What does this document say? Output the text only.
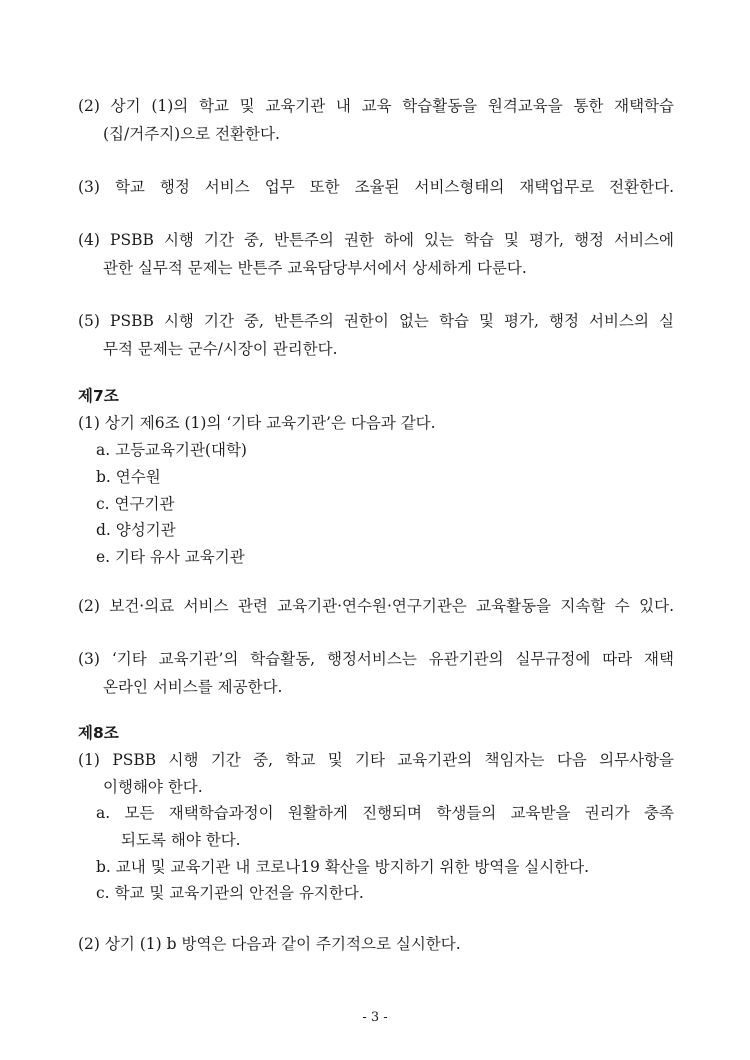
(2) 상기 (1)의 학교 및 교육기관 내 교육 학습활동을 원격교육을 통한 재택학습
(집/거주지)으로 전환한다.
(3) 학교 행정 서비스 업무 또한 조율된 서비스형태의 재택업무로 전환한다.
(4) PSBB 시행 기간 중, 반튼주의 권한 하에 있는 학습 및 평가, 행정 서비스에
관한 실무적 문제는 반튼주 교육담당부서에서 상세하게 다룬다.
(5) PSBB 시행 기간 중, 반튼주의 권한이 없는 학습 및 평가, 행정 서비스의 실
무적 문제는 군수/시장이 관리한다.
제7조
(1) 상기 제6조 (1)의 ‘기타 교육기관’은 다음과 같다.
a. 고등교육기관(대학)
b. 연수원
c. 연구기관
d. 양성기관
e. 기타 유사 교육기관
(2) 보건·의료 서비스 관련 교육기관·연수원·연구기관은 교육활동을 지속할 수 있다.
(3) ‘기타 교육기관’의 학습활동, 행정서비스는 유관기관의 실무규정에 따라 재택
온라인 서비스를 제공한다.
제8조
(1) PSBB 시행 기간 중, 학교 및 기타 교육기관의 책임자는 다음 의무사항을
이행해야 한다.
a. 모든 재택학습과정이 원활하게 진행되며 학생들의 교육받을 권리가 충족
되도록 해야 한다.
b. 교내 및 교육기관 내 코로나19 확산을 방지하기 위한 방역을 실시한다.
c. 학교 및 교육기관의 안전을 유지한다.
(2) 상기 (1) b 방역은 다음과 같이 주기적으로 실시한다.
- 3 -
